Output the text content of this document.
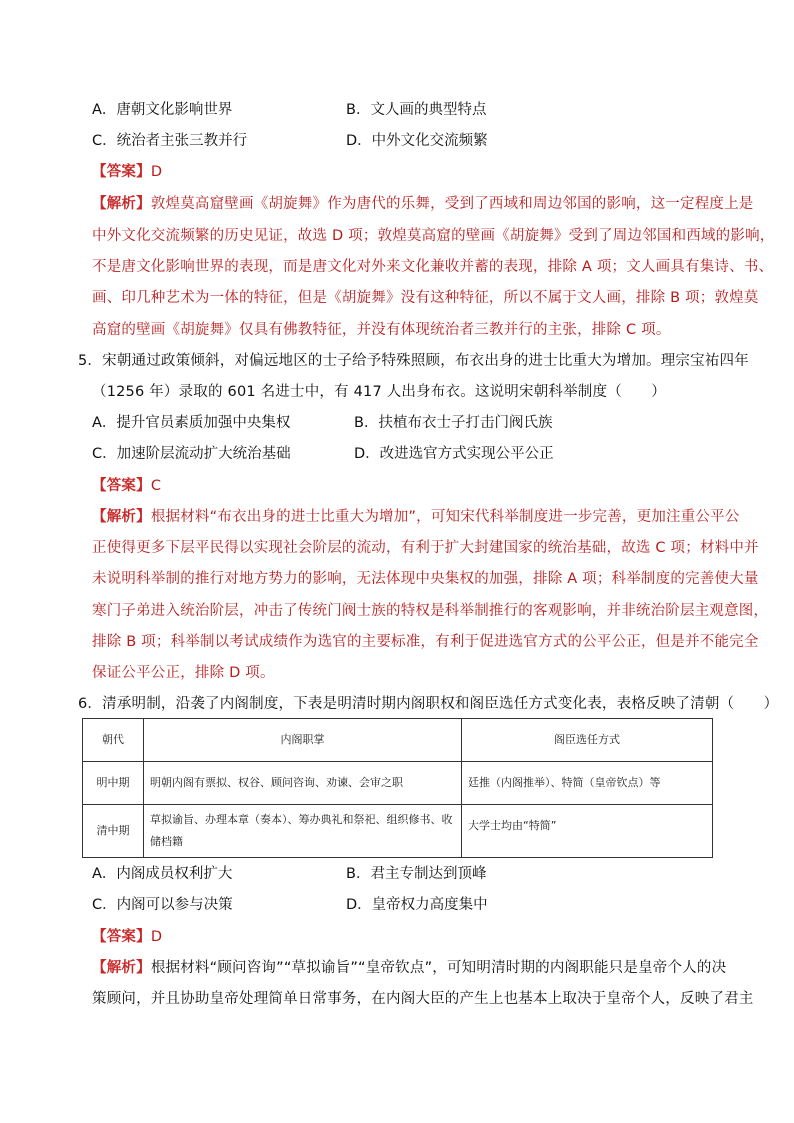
A．唐朝文化影响世界	B．文人画的典型特点
C．统治者主张三教并行	D．中外文化交流频繁
【答案】D
【解析】敦煌莫高窟壁画《胡旋舞》作为唐代的乐舞，受到了西域和周边邻国的影响，这一定程度上是
中外文化交流频繁的历史见证，故选 D 项；敦煌莫高窟的壁画《胡旋舞》受到了周边邻国和西域的影响，
不是唐文化影响世界的表现，而是唐文化对外来文化兼收并蓄的表现，排除 A 项；文人画具有集诗、书、
画、印几种艺术为一体的特征，但是《胡旋舞》没有这种特征，所以不属于文人画，排除 B 项；敦煌莫
高窟的壁画《胡旋舞》仅具有佛教特征，并没有体现统治者三教并行的主张，排除 C 项。
5．宋朝通过政策倾斜，对偏远地区的士子给予特殊照顾，布衣出身的进士比重大为增加。理宗宝祐四年
（1256 年）录取的 601 名进士中，有 417 人出身布衣。这说明宋朝科举制度（　　）
A．提升官员素质加强中央集权	B．扶植布衣士子打击门阀氏族
C．加速阶层流动扩大统治基础	D．改进选官方式实现公平公正
【答案】C
【解析】根据材料“布衣出身的进士比重大为增加”，可知宋代科举制度进一步完善，更加注重公平公
正使得更多下层平民得以实现社会阶层的流动，有利于扩大封建国家的统治基础，故选 C 项；材料中并
未说明科举制的推行对地方势力的影响，无法体现中央集权的加强，排除 A 项；科举制度的完善使大量
寒门子弟进入统治阶层，冲击了传统门阀士族的特权是科举制推行的客观影响，并非统治阶层主观意图，
排除 B 项；科举制以考试成绩作为选官的主要标准，有利于促进选官方式的公平公正，但是并不能完全
保证公平公正，排除 D 项。
6．清承明制，沿袭了内阁制度，下表是明清时期内阁职权和阁臣选任方式变化表，表格反映了清朝（　　）
朝代	内阁职掌	阁臣选任方式
明中期	明朝内阁有票拟、权谷、顾问咨询、劝谏、会审之职	廷推（内阁推举）、特简（皇帝钦点）等
清中期	草拟谕旨、办理本章（奏本）、筹办典礼和祭祀、组织修书、收储档籍	大学士均由“特简”
A．内阁成员权利扩大	B．君主专制达到顶峰
C．内阁可以参与决策	D．皇帝权力高度集中
【答案】D
【解析】根据材料“顾问咨询”“草拟谕旨”“皇帝钦点”，可知明清时期的内阁职能只是皇帝个人的决
策顾问，并且协助皇帝处理简单日常事务，在内阁大臣的产生上也基本上取决于皇帝个人，反映了君主
